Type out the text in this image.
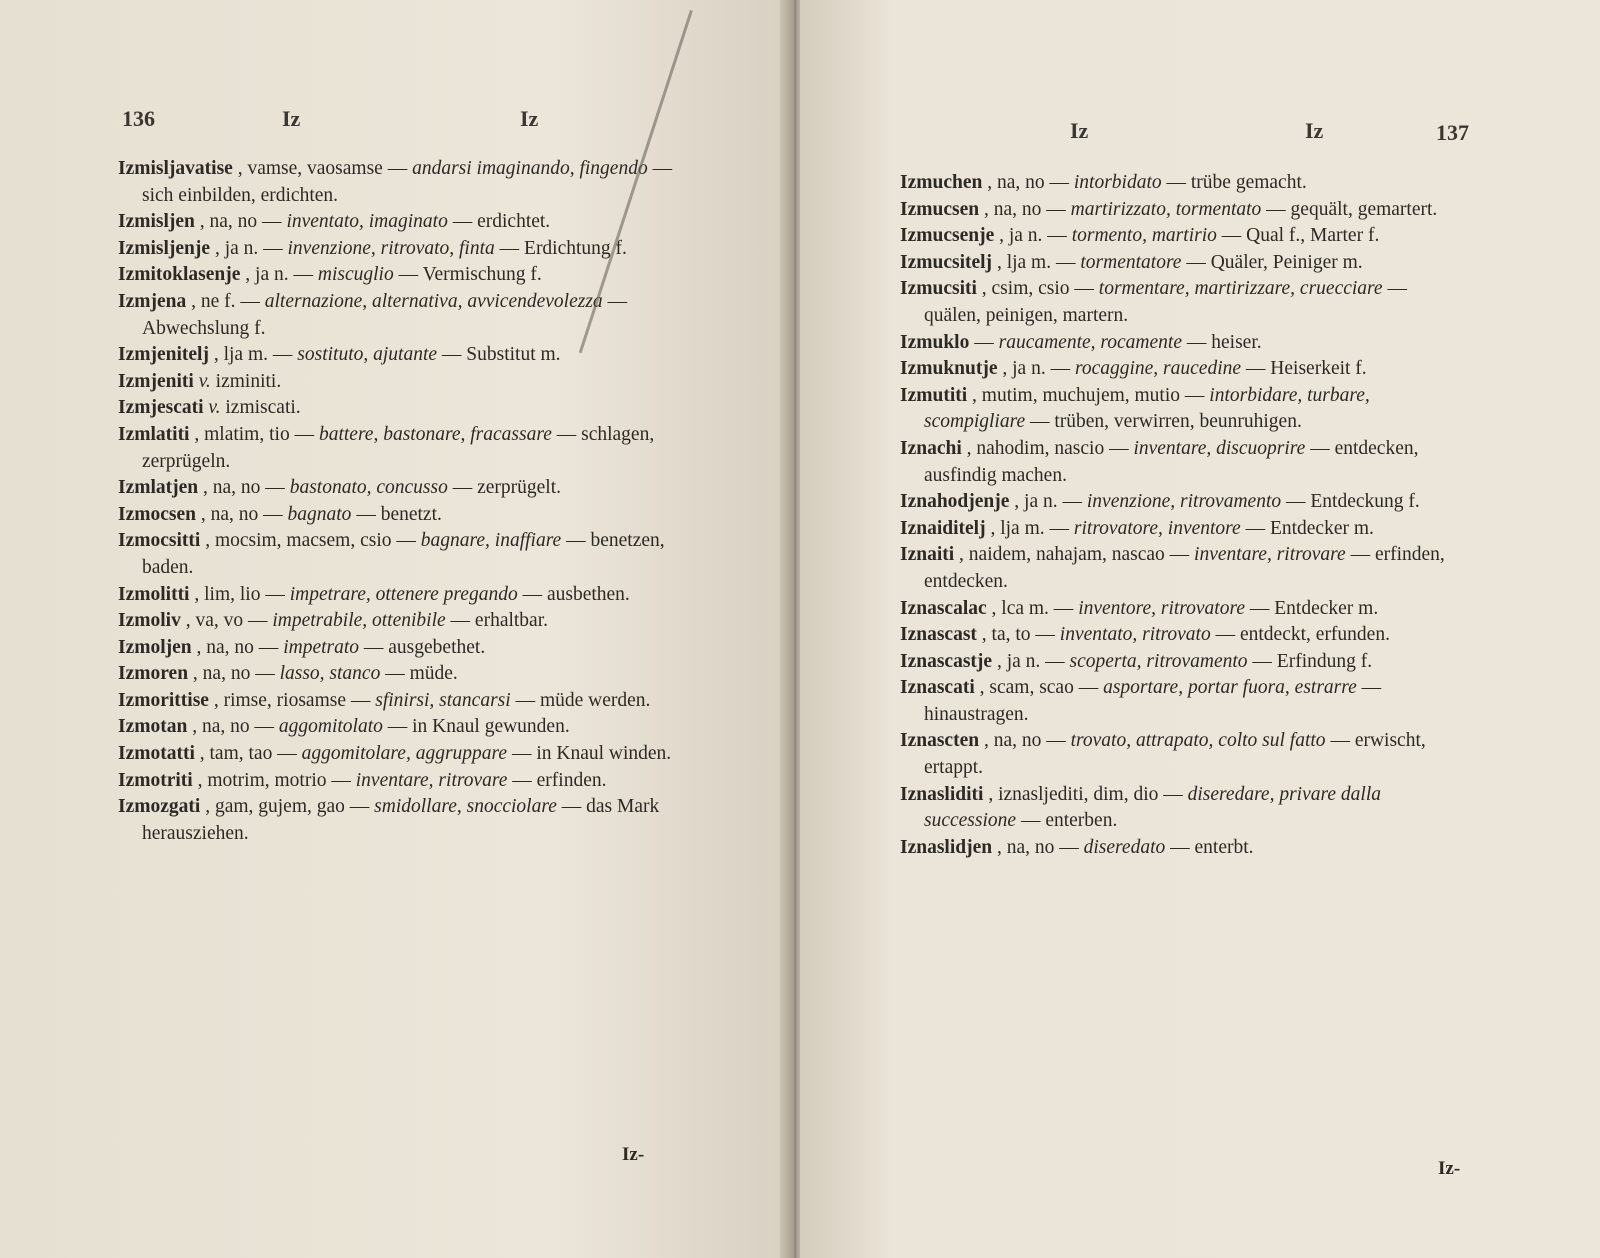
136	Iz	Iz

Izmisljavatise , vamse, vaosamse — andarsi imaginando, fingendo — sich einbilden, erdichten.

Izmisljen , na, no — inventato, imaginato — erdichtet.

Izmisljenje , ja n. — invenzione, ritrovato, finta — Erdichtung f.

Izmitoklasenje , ja n. — miscuglio — Vermischung f.

Izmjena , ne f. — alternazione, alternativa, avvicendevolezza — Abwechslung f.

Izmjenitelj , lja m. — sostituto, ajutante — Substitut m.

Izmjeniti v. izminiti.

Izmjescati v. izmiscati.

Izmlatiti , mlatim, tio — battere, bastonare, fracassare — schlagen, zerprügeln.

Izmlatjen , na, no — bastonato, concusso — zerprügelt.

Izmocsen , na, no — bagnato — benetzt.

Izmocsitti , mocsim, macsem, csio — bagnare, inaffiare — benetzen, baden.

Izmolitti , lim, lio — impetrare, ottenere pregando — ausbethen.

Izmoliv , va, vo — impetrabile, ottenibile — erhaltbar.

Izmoljen , na, no — impetrato — ausgebethet.

Izmoren , na, no — lasso, stanco — müde.

Izmorittise , rimse, riosamse — sfinirsi, stancarsi — müde werden.

Izmotan , na, no — aggomitolato — in Knaul gewunden.

Izmotatti , tam, tao — aggomitolare, aggruppare — in Knaul winden.

Izmotriti , motrim, motrio — inventare, ritrovare — erfinden.

Izmozgati , gam, gujem, gao — smidollare, snocciolare — das Mark herausziehen.

Iz-
Iz	Iz	137

Izmuchen , na, no — intorbidato — trübe gemacht.

Izmucsen , na, no — martirizzato, tormentato — gequält, gemartert.

Izmucsenje , ja n. — tormento, martirio — Qual f., Marter f.

Izmucsitelj , lja m. — tormentatore — Quäler, Peiniger m.

Izmucsiti , csim, csio — tormentare, martirizzare, cruecciare — quälen, peinigen, martern.

Izmuklo — raucamente, rocamente — heiser.

Izmuknutje , ja n. — rocaggine, raucedine — Heiserkeit f.

Izmutiti , mutim, muchujem, mutio — intorbidare, turbare, scompigliare — trüben, verwirren, beunruhigen.

Iznachi , nahodim, nascio — inventare, discuoprire — entdecken, ausfindig machen.

Iznahodjenje , ja n. — invenzione, ritrovamento — Entdeckung f.

Iznaiditelj , lja m. — ritrovatore, inventore — Entdecker m.

Iznaiti , naidem, nahajam, nascao — inventare, ritrovare — erfinden, entdecken.

Iznascalac , lca m. — inventore, ritrovatore — Entdecker m.

Iznascast , ta, to — inventato, ritrovato — entdeckt, erfunden.

Iznascastje , ja n. — scoperta, ritrovamento — Erfindung f.

Iznascati , scam, scao — asportare, portar fuora, estrarre — hinaustragen.

Iznascten , na, no — trovato, attrapato, colto sul fatto — erwischt, ertappt.

Iznasliditi , iznasljediti, dim, dio — diseredare, privare dalla successione — enterben.

Iznaslidjen , na, no — diseredato — enterbt.

Iz-
